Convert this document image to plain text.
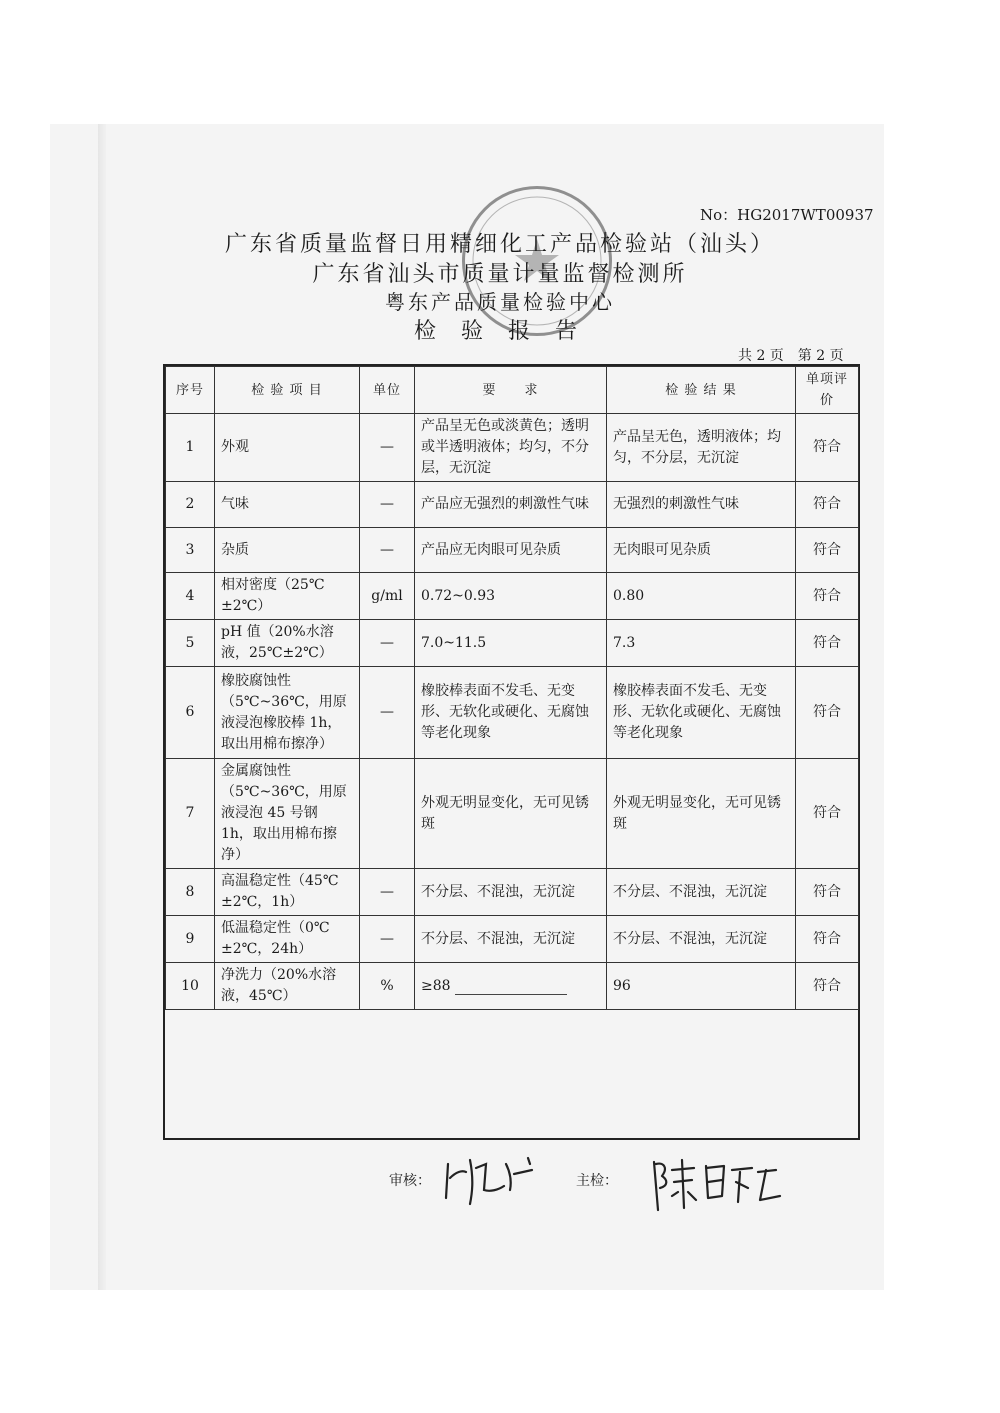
No：HG2017WT00937
广东省质量监督日用精细化工产品检验站（汕头）
广东省汕头市质量计量监督检测所
粤东产品质量检验中心
检 验 报 告
共 2 页　第 2 页
序号	检 验 项 目	单位	要　　求	检 验 结 果	单项评价
1	外观	—	产品呈无色或淡黄色；透明或半透明液体；均匀，不分层，无沉淀	产品呈无色，透明液体；均匀，不分层，无沉淀	符合
2	气味	—	产品应无强烈的刺激性气味	无强烈的刺激性气味	符合
3	杂质	—	产品应无肉眼可见杂质	无肉眼可见杂质	符合
4	相对密度（25℃±2℃）	g/ml	0.72~0.93	0.80	符合
5	pH 值（20%水溶液，25℃±2℃）	—	7.0~11.5	7.3	符合
6	橡胶腐蚀性（5℃~36℃，用原液浸泡橡胶棒 1h，取出用棉布擦净）	—	橡胶棒表面不发毛、无变形、无软化或硬化、无腐蚀等老化现象	橡胶棒表面不发毛、无变形、无软化或硬化、无腐蚀等老化现象	符合
7	金属腐蚀性（5℃~36℃，用原液浸泡 45 号钢 1h，取出用棉布擦净）		外观无明显变化，无可见锈斑	外观无明显变化，无可见锈斑	符合
8	高温稳定性（45℃±2℃，1h）	—	不分层、不混浊，无沉淀	不分层、不混浊，无沉淀	符合
9	低温稳定性（0℃±2℃，24h）	—	不分层、不混浊，无沉淀	不分层、不混浊，无沉淀	符合
10	净洗力（20%水溶液，45℃）	%	≥88	96	符合
审核：	主检：
